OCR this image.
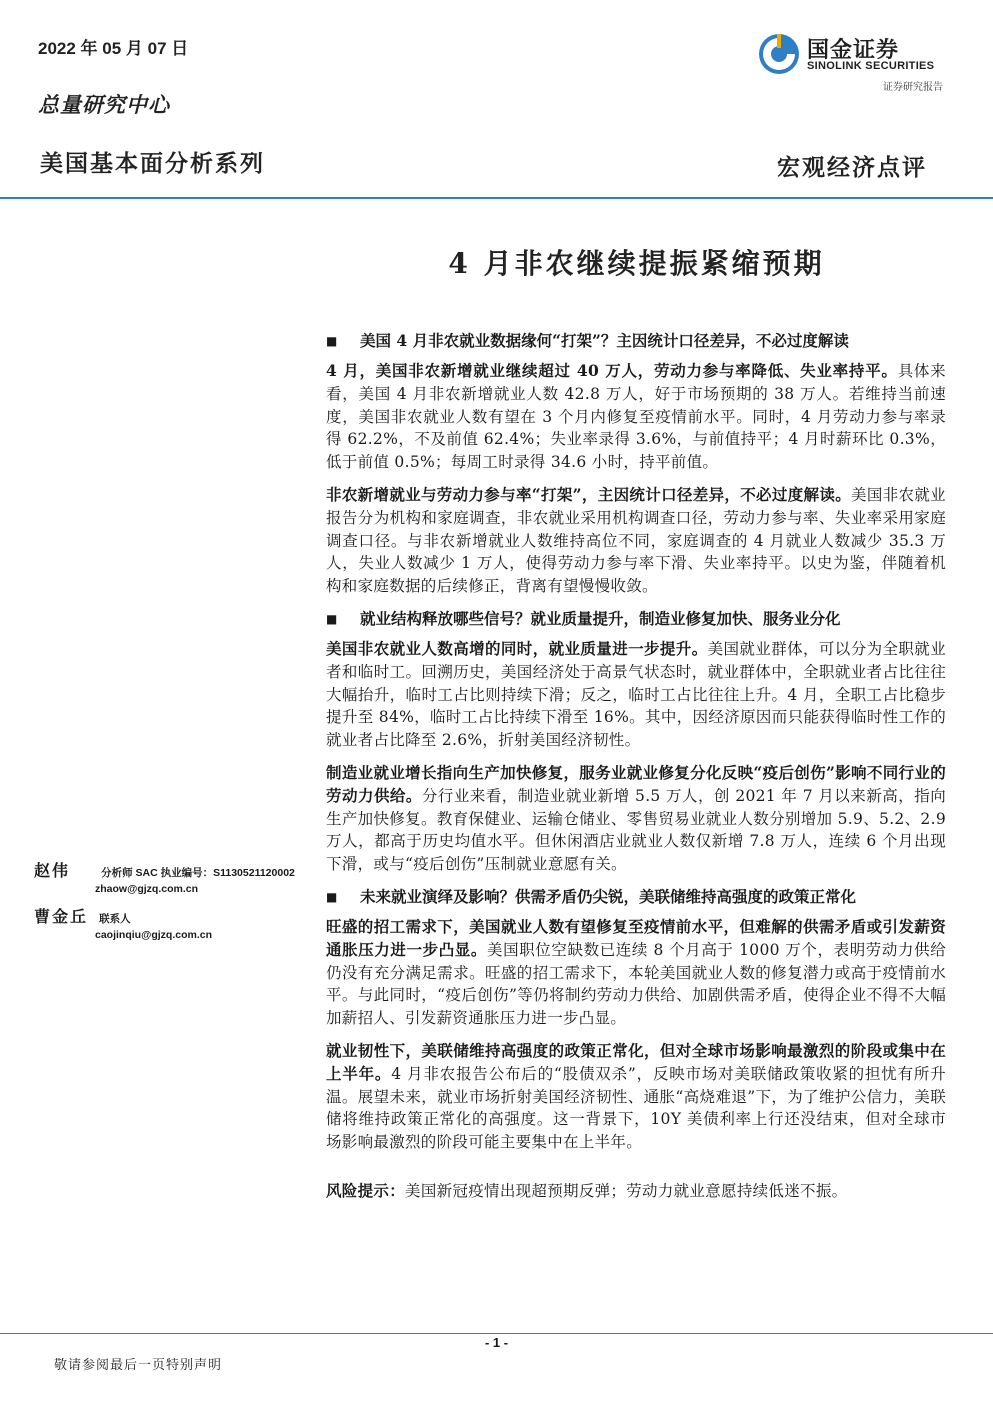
2022 年 05 月 07 日
总量研究中心
美国基本面分析系列	宏观经济点评
国金证券
SINOLINK SECURITIES
证券研究报告
4 月非农继续提振紧缩预期
■	美国 4 月非农就业数据缘何“打架”？主因统计口径差异，不必过度解读

4 月，美国非农新增就业继续超过 40 万人，劳动力参与率降低、失业率持平。具体来看，美国 4 月非农新增就业人数 42.8 万人，好于市场预期的 38 万人。若维持当前速度，美国非农就业人数有望在 3 个月内修复至疫情前水平。同时，4 月劳动力参与率录得 62.2%，不及前值 62.4%；失业率录得 3.6%，与前值持平；4 月时薪环比 0.3%，低于前值 0.5%；每周工时录得 34.6 小时，持平前值。

非农新增就业与劳动力参与率“打架”，主因统计口径差异，不必过度解读。美国非农就业报告分为机构和家庭调查，非农就业采用机构调查口径，劳动力参与率、失业率采用家庭调查口径。与非农新增就业人数维持高位不同，家庭调查的 4 月就业人数减少 35.3 万人，失业人数减少 1 万人，使得劳动力参与率下滑、失业率持平。以史为鉴，伴随着机构和家庭数据的后续修正，背离有望慢慢收敛。

■	就业结构释放哪些信号？就业质量提升，制造业修复加快、服务业分化

美国非农就业人数高增的同时，就业质量进一步提升。美国就业群体，可以分为全职就业者和临时工。回溯历史，美国经济处于高景气状态时，就业群体中，全职就业者占比往往大幅抬升，临时工占比则持续下滑；反之，临时工占比往往上升。4 月，全职工占比稳步提升至 84%，临时工占比持续下滑至 16%。其中，因经济原因而只能获得临时性工作的就业者占比降至 2.6%，折射美国经济韧性。

制造业就业增长指向生产加快修复，服务业就业修复分化反映“疫后创伤”影响不同行业的劳动力供给。分行业来看，制造业就业新增 5.5 万人，创 2021 年 7 月以来新高，指向生产加快修复。教育保健业、运输仓储业、零售贸易业就业人数分别增加 5.9、5.2、2.9 万人，都高于历史均值水平。但休闲酒店业就业人数仅新增 7.8 万人，连续 6 个月出现下滑，或与“疫后创伤”压制就业意愿有关。

■	未来就业演绎及影响？供需矛盾仍尖锐，美联储维持高强度的政策正常化

旺盛的招工需求下，美国就业人数有望修复至疫情前水平，但难解的供需矛盾或引发薪资通胀压力进一步凸显。美国职位空缺数已连续 8 个月高于 1000 万个，表明劳动力供给仍没有充分满足需求。旺盛的招工需求下，本轮美国就业人数的修复潜力或高于疫情前水平。与此同时，“疫后创伤”等仍将制约劳动力供给、加剧供需矛盾，使得企业不得不大幅加薪招人、引发薪资通胀压力进一步凸显。

就业韧性下，美联储维持高强度的政策正常化，但对全球市场影响最激烈的阶段或集中在上半年。4 月非农报告公布后的“股债双杀”，反映市场对美联储政策收紧的担忧有所升温。展望未来，就业市场折射美国经济韧性、通胀“高烧难退”下，为了维护公信力，美联储将维持政策正常化的高强度。这一背景下，10Y 美债利率上行还没结束，但对全球市场影响最激烈的阶段可能主要集中在上半年。

风险提示：美国新冠疫情出现超预期反弹；劳动力就业意愿持续低迷不振。

赵伟	分析师 SAC 执业编号：S1130521120002
zhaow@gjzq.com.cn
曹金丘 联系人
caojinqiu@gjzq.com.cn
- 1 -
敬请参阅最后一页特别声明
